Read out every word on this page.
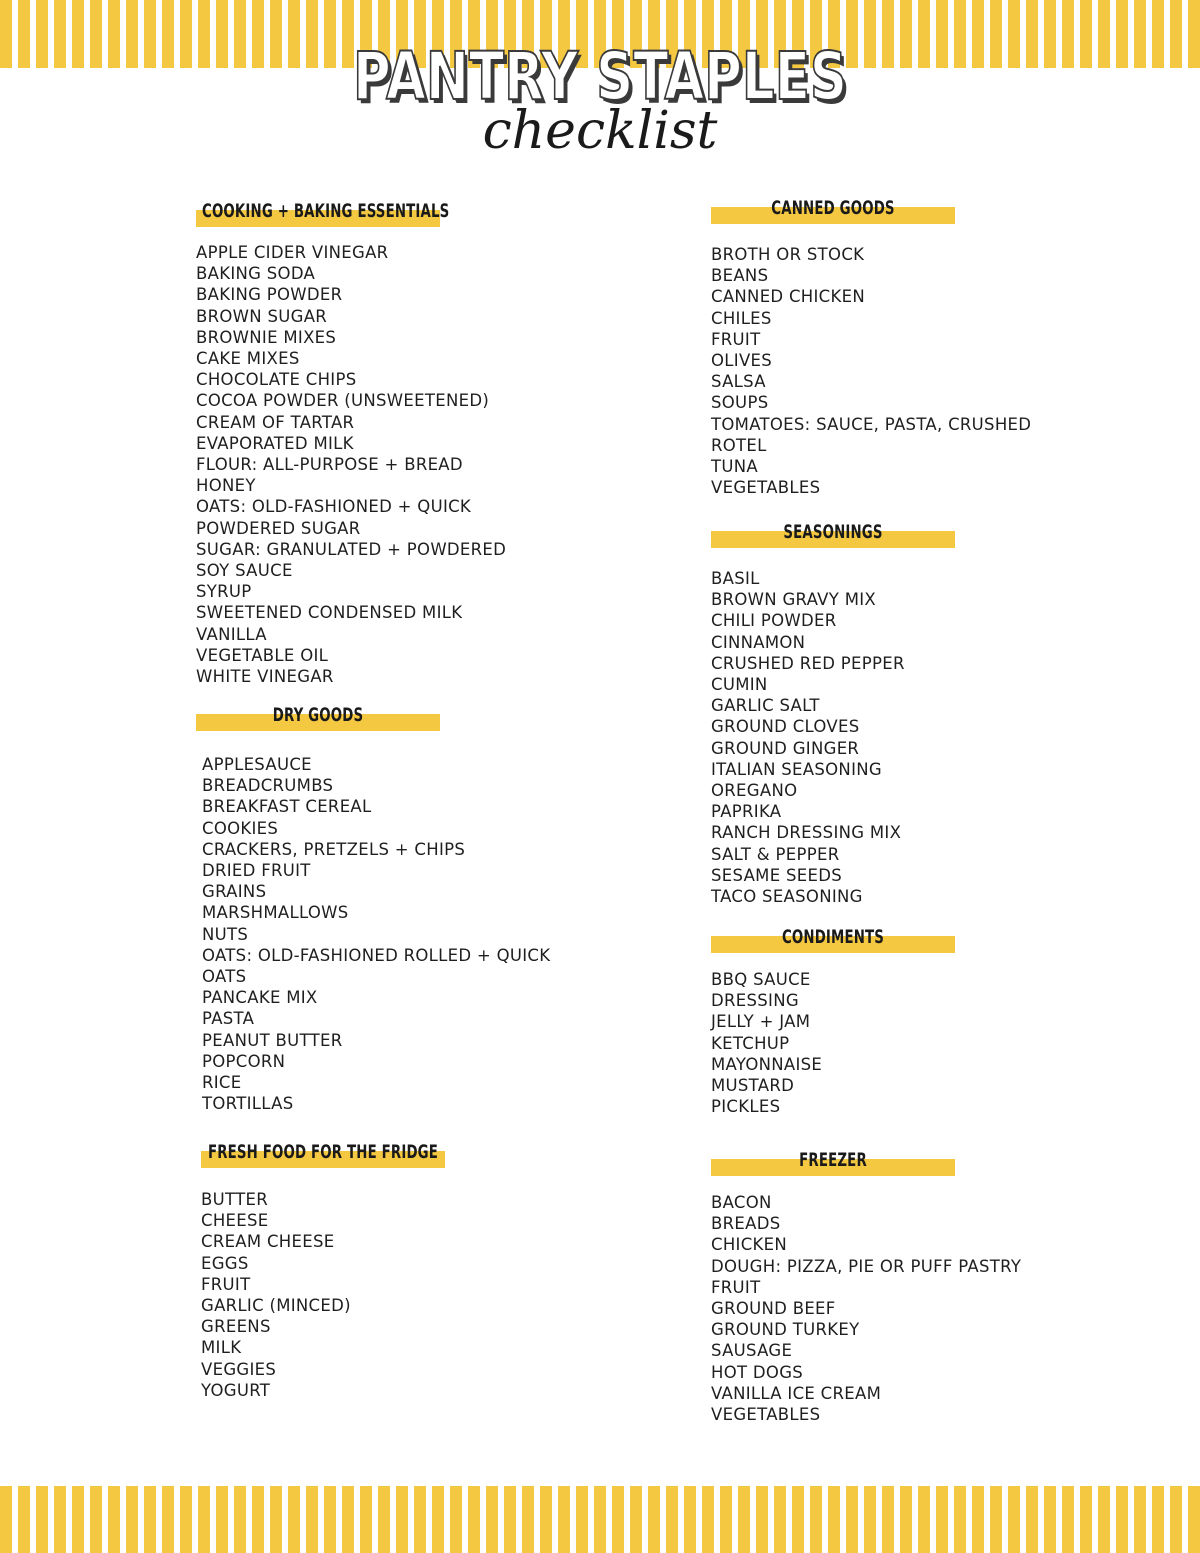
PANTRY STAPLES
checklist
COOKING + BAKING ESSENTIALS
APPLE CIDER VINEGAR
BAKING SODA
BAKING POWDER
BROWN SUGAR
BROWNIE MIXES
CAKE MIXES
CHOCOLATE CHIPS
COCOA POWDER (UNSWEETENED)
CREAM OF TARTAR
EVAPORATED MILK
FLOUR: ALL-PURPOSE + BREAD
HONEY
OATS: OLD-FASHIONED + QUICK
POWDERED SUGAR
SUGAR: GRANULATED + POWDERED
SOY SAUCE
SYRUP
SWEETENED CONDENSED MILK
VANILLA
VEGETABLE OIL
WHITE VINEGAR
DRY GOODS
APPLESAUCE
BREADCRUMBS
BREAKFAST CEREAL
COOKIES
CRACKERS, PRETZELS + CHIPS
DRIED FRUIT
GRAINS
MARSHMALLOWS
NUTS
OATS: OLD-FASHIONED ROLLED + QUICK
OATS
PANCAKE MIX
PASTA
PEANUT BUTTER
POPCORN
RICE
TORTILLAS
FRESH FOOD FOR THE FRIDGE
BUTTER
CHEESE
CREAM CHEESE
EGGS
FRUIT
GARLIC (MINCED)
GREENS
MILK
VEGGIES
YOGURT
CANNED GOODS
BROTH OR STOCK
BEANS
CANNED CHICKEN
CHILES
FRUIT
OLIVES
SALSA
SOUPS
TOMATOES: SAUCE, PASTA, CRUSHED
ROTEL
TUNA
VEGETABLES
SEASONINGS
BASIL
BROWN GRAVY MIX
CHILI POWDER
CINNAMON
CRUSHED RED PEPPER
CUMIN
GARLIC SALT
GROUND CLOVES
GROUND GINGER
ITALIAN SEASONING
OREGANO
PAPRIKA
RANCH DRESSING MIX
SALT & PEPPER
SESAME SEEDS
TACO SEASONING
CONDIMENTS
BBQ SAUCE
DRESSING
JELLY + JAM
KETCHUP
MAYONNAISE
MUSTARD
PICKLES
FREEZER
BACON
BREADS
CHICKEN
DOUGH: PIZZA, PIE OR PUFF PASTRY
FRUIT
GROUND BEEF
GROUND TURKEY
SAUSAGE
HOT DOGS
VANILLA ICE CREAM
VEGETABLES
